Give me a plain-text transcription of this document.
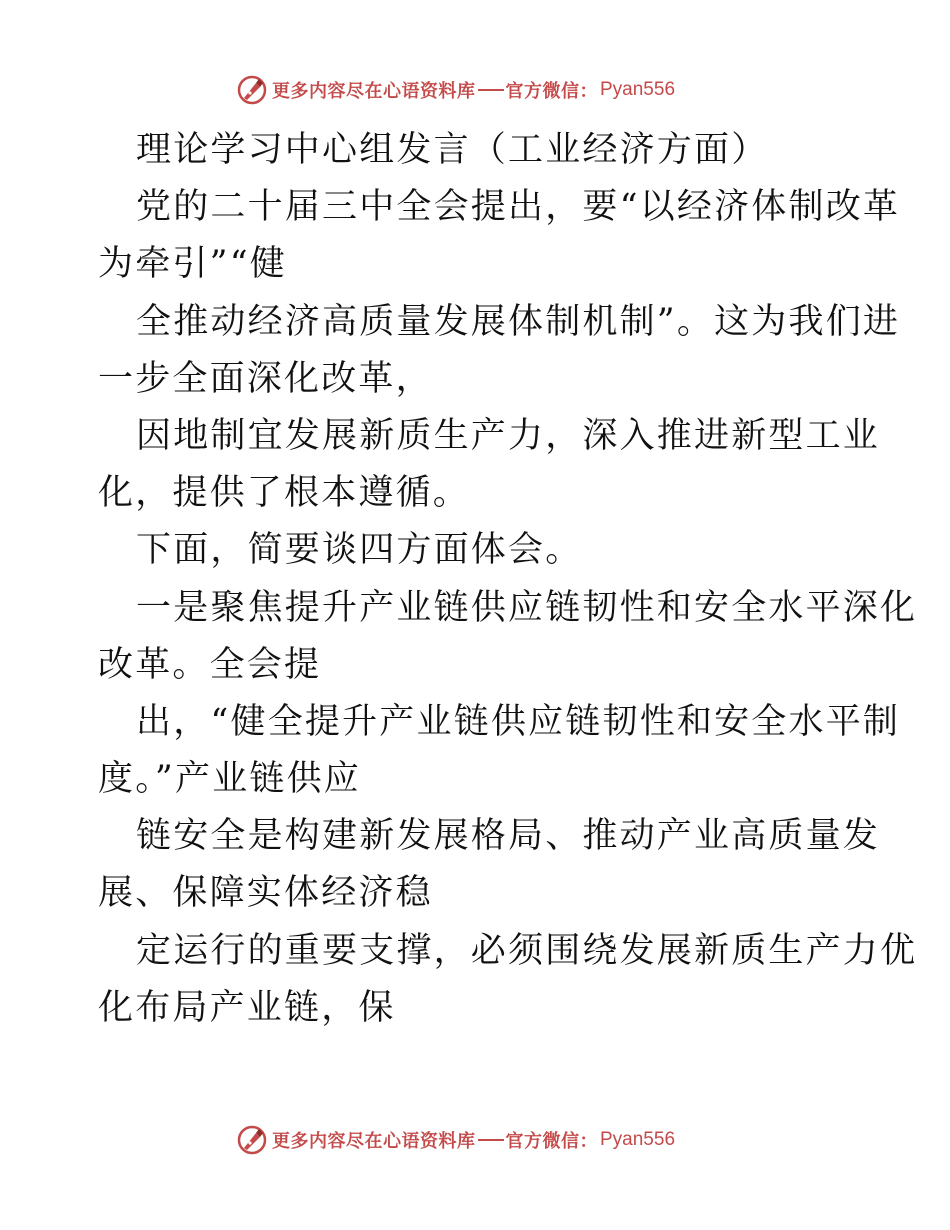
更多内容尽在心语资料库 官方微信： Pyan556
理论学习中心组发言（工业经济方面）
党的二十届三中全会提出，要“以经济体制改革
为牵引”“健
全推动经济高质量发展体制机制”。这为我们进
一步全面深化改革，
因地制宜发展新质生产力，深入推进新型工业
化，提供了根本遵循。
下面，简要谈四方面体会。
一是聚焦提升产业链供应链韧性和安全水平深化
改革。全会提
出，“健全提升产业链供应链韧性和安全水平制
度。”产业链供应
链安全是构建新发展格局、推动产业高质量发
展、保障实体经济稳
定运行的重要支撑，必须围绕发展新质生产力优
化布局产业链，保
更多内容尽在心语资料库 官方微信： Pyan556
